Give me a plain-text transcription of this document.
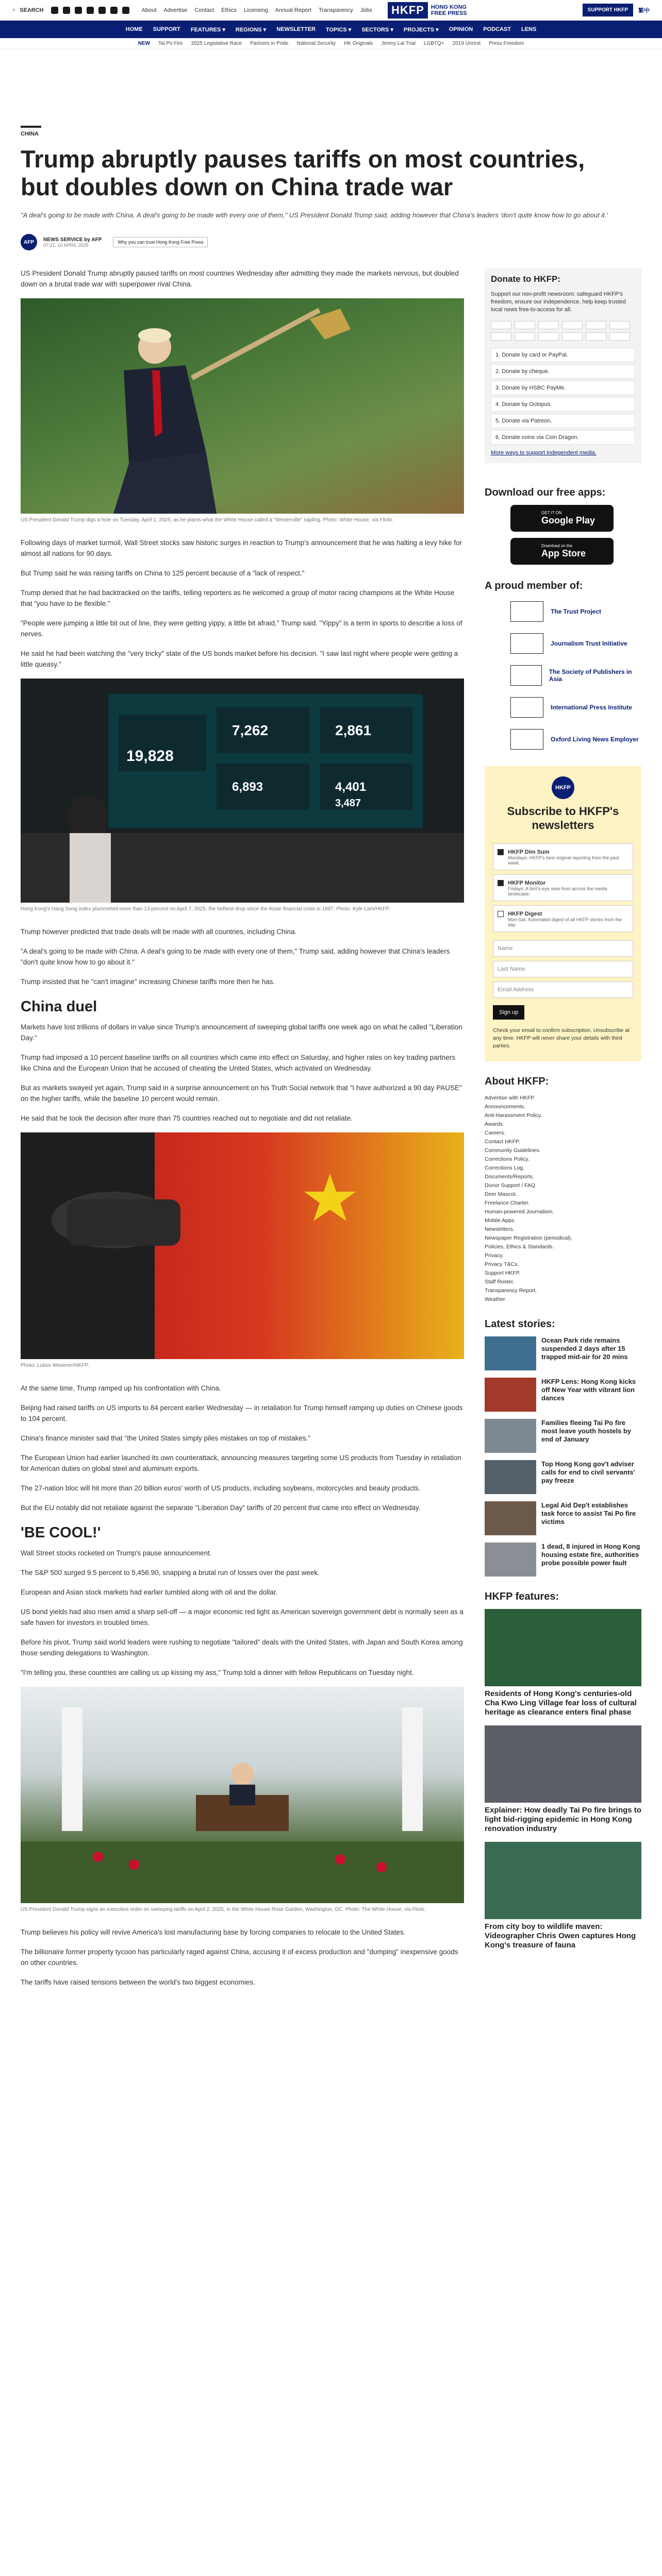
⌕ SEARCH	About Advertise Contact Ethics Licensing Annual Report Transparency Jobs	HKFP	HONG KONG
FREE PRESS	SUPPORT HKFP	繁中
HOME SUPPORT FEATURES ▾ REGIONS ▾ NEWSLETTER TOPICS ▾ SECTORS ▾ PROJECTS ▾ OPINION PODCAST LENS
NEW Tai Po Fire 2025 Legislative Race Partners in Pride National Security HK Originals Jimmy Lai Trial LGBTQ+ 2019 Unrest Press Freedom
CHINA
Trump abruptly pauses tariffs on most countries, but doubles down on China trade war

"A deal's going to be made with China. A deal's going to be made with every one of them," US President Donald Trump said, adding however that China's leaders 'don't quite know how to go about it.'

AFP	NEWS SERVICE by AFP
07:21, 10 APRIL 2025
Why you can trust Hong Kong Free Press

US President Donald Trump abruptly paused tariffs on most countries Wednesday after admitting they made the markets nervous, but doubled down on a brutal trade war with superpower rival China.

US President Donald Trump digs a hole on Tuesday, April 1, 2025, as he plants what the White House called a "Westerville" sapling. Photo: White House, via Flickr.

Following days of market turmoil, Wall Street stocks saw historic surges in reaction to Trump's announcement that he was halting a levy hike for almost all nations for 90 days.

But Trump said he was raising tariffs on China to 125 percent because of a "lack of respect."

Trump denied that he had backtracked on the tariffs, telling reporters as he welcomed a group of motor racing champions at the White House that "you have to be flexible."

"People were jumping a little bit out of line, they were getting yippy, a little bit afraid," Trump said. "Yippy" is a term in sports to describe a loss of nerves.

He said he had been watching the "very tricky" state of the US bonds market before his decision. "I saw last night where people were getting a little queasy."

19,828
7,262	2,861
6,893	4,401
3,487
Hong Kong's Hang Seng index plummeted more than 13 percent on April 7, 2025, the heftiest drop since the Asian financial crisis in 1997. Photo: Kyle Lam/HKFP.

Trump however predicted that trade deals will be made with all countries, including China.

"A deal's going to be made with China. A deal's going to be made with every one of them," Trump said, adding however that China's leaders "don't quite know how to go about it."

Trump insisted that he "can't imagine" increasing Chinese tariffs more then he has.

China duel

Markets have lost trillions of dollars in value since Trump's announcement of sweeping global tariffs one week ago on what he called "Liberation Day."

Trump had imposed a 10 percent baseline tariffs on all countries which came into effect on Saturday, and higher rates on key trading partners like China and the European Union that he accused of cheating the United States, which activated on Wednesday.

But as markets swayed yet again, Trump said in a surprise announcement on his Truth Social network that "I have authorized a 90 day PAUSE" on the higher tariffs, while the baseline 10 percent would remain.

He said that he took the decision after more than 75 countries reached out to negotiate and did not retaliate.

Photo: Lubos Wesener/HKFP.

At the same time, Trump ramped up his confrontation with China.

Beijing had raised tariffs on US imports to 84 percent earlier Wednesday — in retaliation for Trump himself ramping up duties on Chinese goods to 104 percent.

China's finance minister said that "the United States simply piles mistakes on top of mistakes."

The European Union had earlier launched its own counterattack, announcing measures targeting some US products from Tuesday in retaliation for American duties on global steel and aluminum exports.

The 27-nation bloc will hit more than 20 billion euros' worth of US products, including soybeans, motorcycles and beauty products.

But the EU notably did not retaliate against the separate "Liberation Day" tariffs of 20 percent that came into effect on Wednesday.

'BE COOL!'

Wall Street stocks rocketed on Trump's pause announcement.

The S&P 500 surged 9.5 percent to 5,456.90, snapping a brutal run of losses over the past week.

European and Asian stock markets had earlier tumbled along with oil and the dollar.

US bond yields had also risen amid a sharp sell-off — a major economic red light as American sovereign government debt is normally seen as a safe haven for investors in troubled times.

Before his pivot, Trump said world leaders were rushing to negotiate "tailored" deals with the United States, with Japan and South Korea among those sending delegations to Washington.

"I'm telling you, these countries are calling us up kissing my ass," Trump told a dinner with fellow Republicans on Tuesday night.

US President Donald Trump signs an executive order on sweeping tariffs on April 2, 2025, in the White House Rose Garden, Washington, DC. Photo: The White House, via Flickr.

Trump believes his policy will revive America's lost manufacturing base by forcing companies to relocate to the United States.

The billionaire former property tycoon has particularly raged against China, accusing it of excess production and "dumping" inexpensive goods on other countries.

The tariffs have raised tensions between the world's two biggest economies.

Donate to HKFP:

Support our non-profit newsroom: safeguard HKFP's freedom, ensure our independence, help keep trusted local news free-to-access for all.

1. Donate by card or PayPal.
2. Donate by cheque.
3. Donate by HSBC PayMe.
4. Donate by Octopus.
5. Donate via Patreon.
6. Donate coins via Coin Dragon.
More ways to support independent media.
Download our free apps:
GET IT ON
Google Play
Download on the
App Store
A proud member of:
The Trust Project
Journalism Trust Initiative
The Society of Publishers in Asia
International Press Institute
Oxford Living News Employer
HKFP
Subscribe to HKFP's newsletters
HKFP Dim Sum
Mondays: HKFP's best original reporting from the past week.
HKFP Monitor
Fridays: A bird's-eye view from across the media landscape.
HKFP Digest
Mon-Sat: Automated digest of all HKFP stories from the day.
Name
Last Name
Email Address
Sign up

Check your email to confirm subscription. Unsubscribe at any time. HKFP will never share your details with third parties.

About HKFP:
Advertise with HKFP.
Announcements.
Anti-Harassment Policy.
Awards.
Careers.
Contact HKFP.
Community Guidelines.
Corrections Policy.
Corrections Log.
Documents/Reports.
Donor Support / FAQ.
Deer Mascot.
Freelance Charter.
Human-powered Journalism.
Mobile Apps.
Newsletters.
Newspaper Registration (periodical).
Policies, Ethics & Standards.
Privacy.
Privacy T&Cs.
Support HKFP.
Staff Roster.
Transparency Report.
Weather.
Latest stories:
Ocean Park ride remains suspended 2 days after 15 trapped mid-air for 20 mins
HKFP Lens: Hong Kong kicks off New Year with vibrant lion dances
Families fleeing Tai Po fire most leave youth hostels by end of January
Top Hong Kong gov't adviser calls for end to civil servants' pay freeze
Legal Aid Dep't establishes task force to assist Tai Po fire victims
1 dead, 8 injured in Hong Kong housing estate fire, authorities probe possible power fault
HKFP features:
Residents of Hong Kong's centuries-old Cha Kwo Ling Village fear loss of cultural heritage as clearance enters final phase
Explainer: How deadly Tai Po fire brings to light bid-rigging epidemic in Hong Kong renovation industry
From city boy to wildlife maven: Videographer Chris Owen captures Hong Kong's treasure of fauna
